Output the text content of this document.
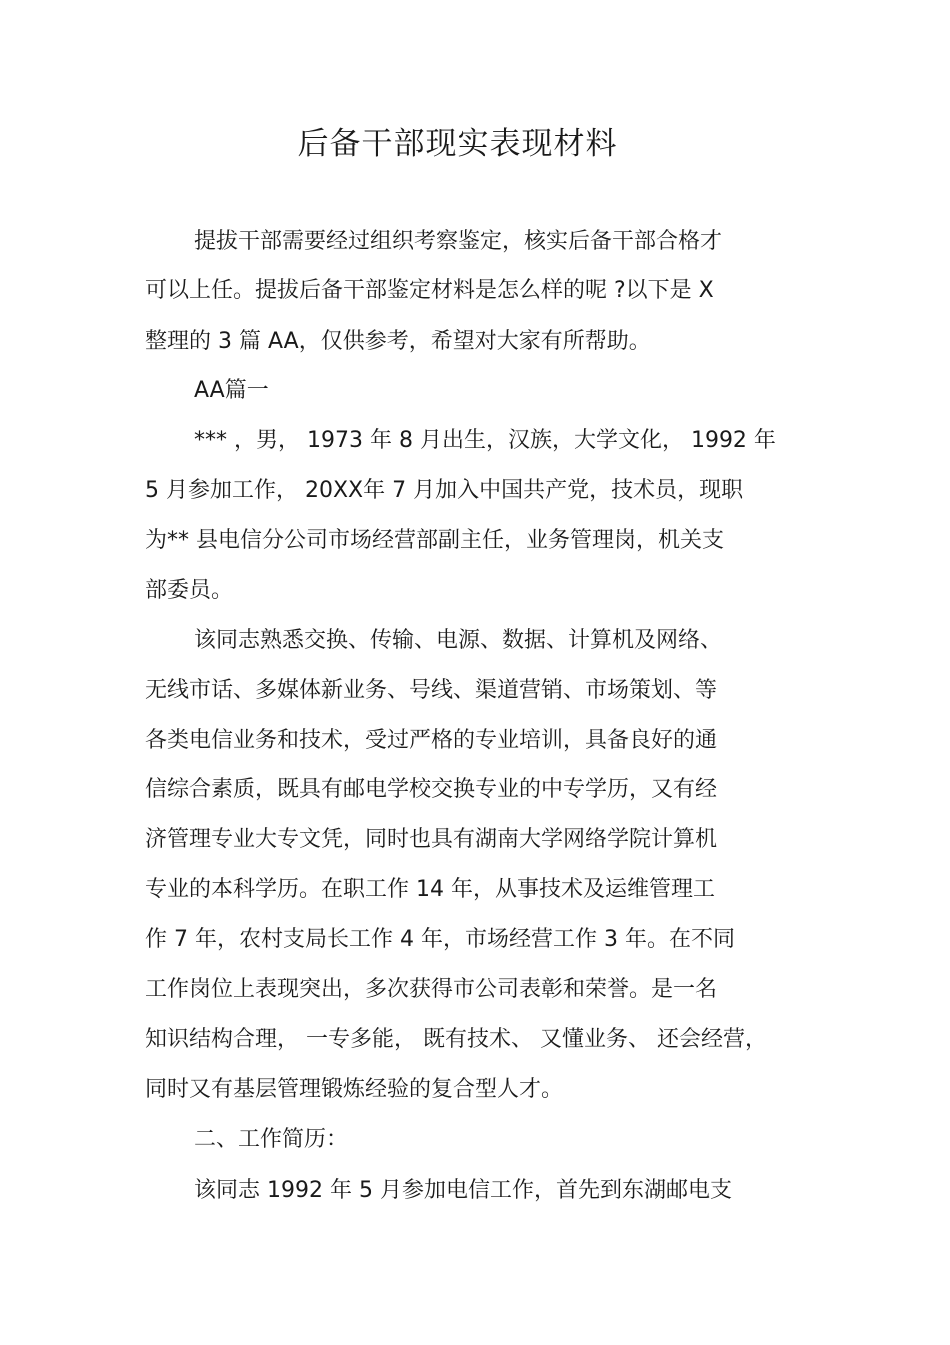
后备干部现实表现材料

提拔干部需要经过组织考察鉴定，核实后备干部合格才

可以上任。提拔后备干部鉴定材料是怎么样的呢 ?以下是 X

整理的 3 篇 AA，仅供参考，希望对大家有所帮助。

AA篇一

*** ，男， 1973 年 8 月出生，汉族，大学文化， 1992 年

5 月参加工作， 20XX年 7 月加入中国共产党，技术员，现职

为** 县电信分公司市场经营部副主任，业务管理岗，机关支

部委员。

该同志熟悉交换、传输、电源、数据、计算机及网络、

无线市话、多媒体新业务、号线、渠道营销、市场策划、等

各类电信业务和技术，受过严格的专业培训，具备良好的通

信综合素质，既具有邮电学校交换专业的中专学历，又有经

济管理专业大专文凭，同时也具有湖南大学网络学院计算机

专业的本科学历。在职工作 14 年，从事技术及运维管理工

作 7 年，农村支局长工作 4 年，市场经营工作 3 年。在不同

工作岗位上表现突出，多次获得市公司表彰和荣誉。是一名

知识结构合理， 一专多能， 既有技术、 又懂业务、 还会经营，

同时又有基层管理锻炼经验的复合型人才。

二、工作简历：

该同志 1992 年 5 月参加电信工作，首先到东湖邮电支
